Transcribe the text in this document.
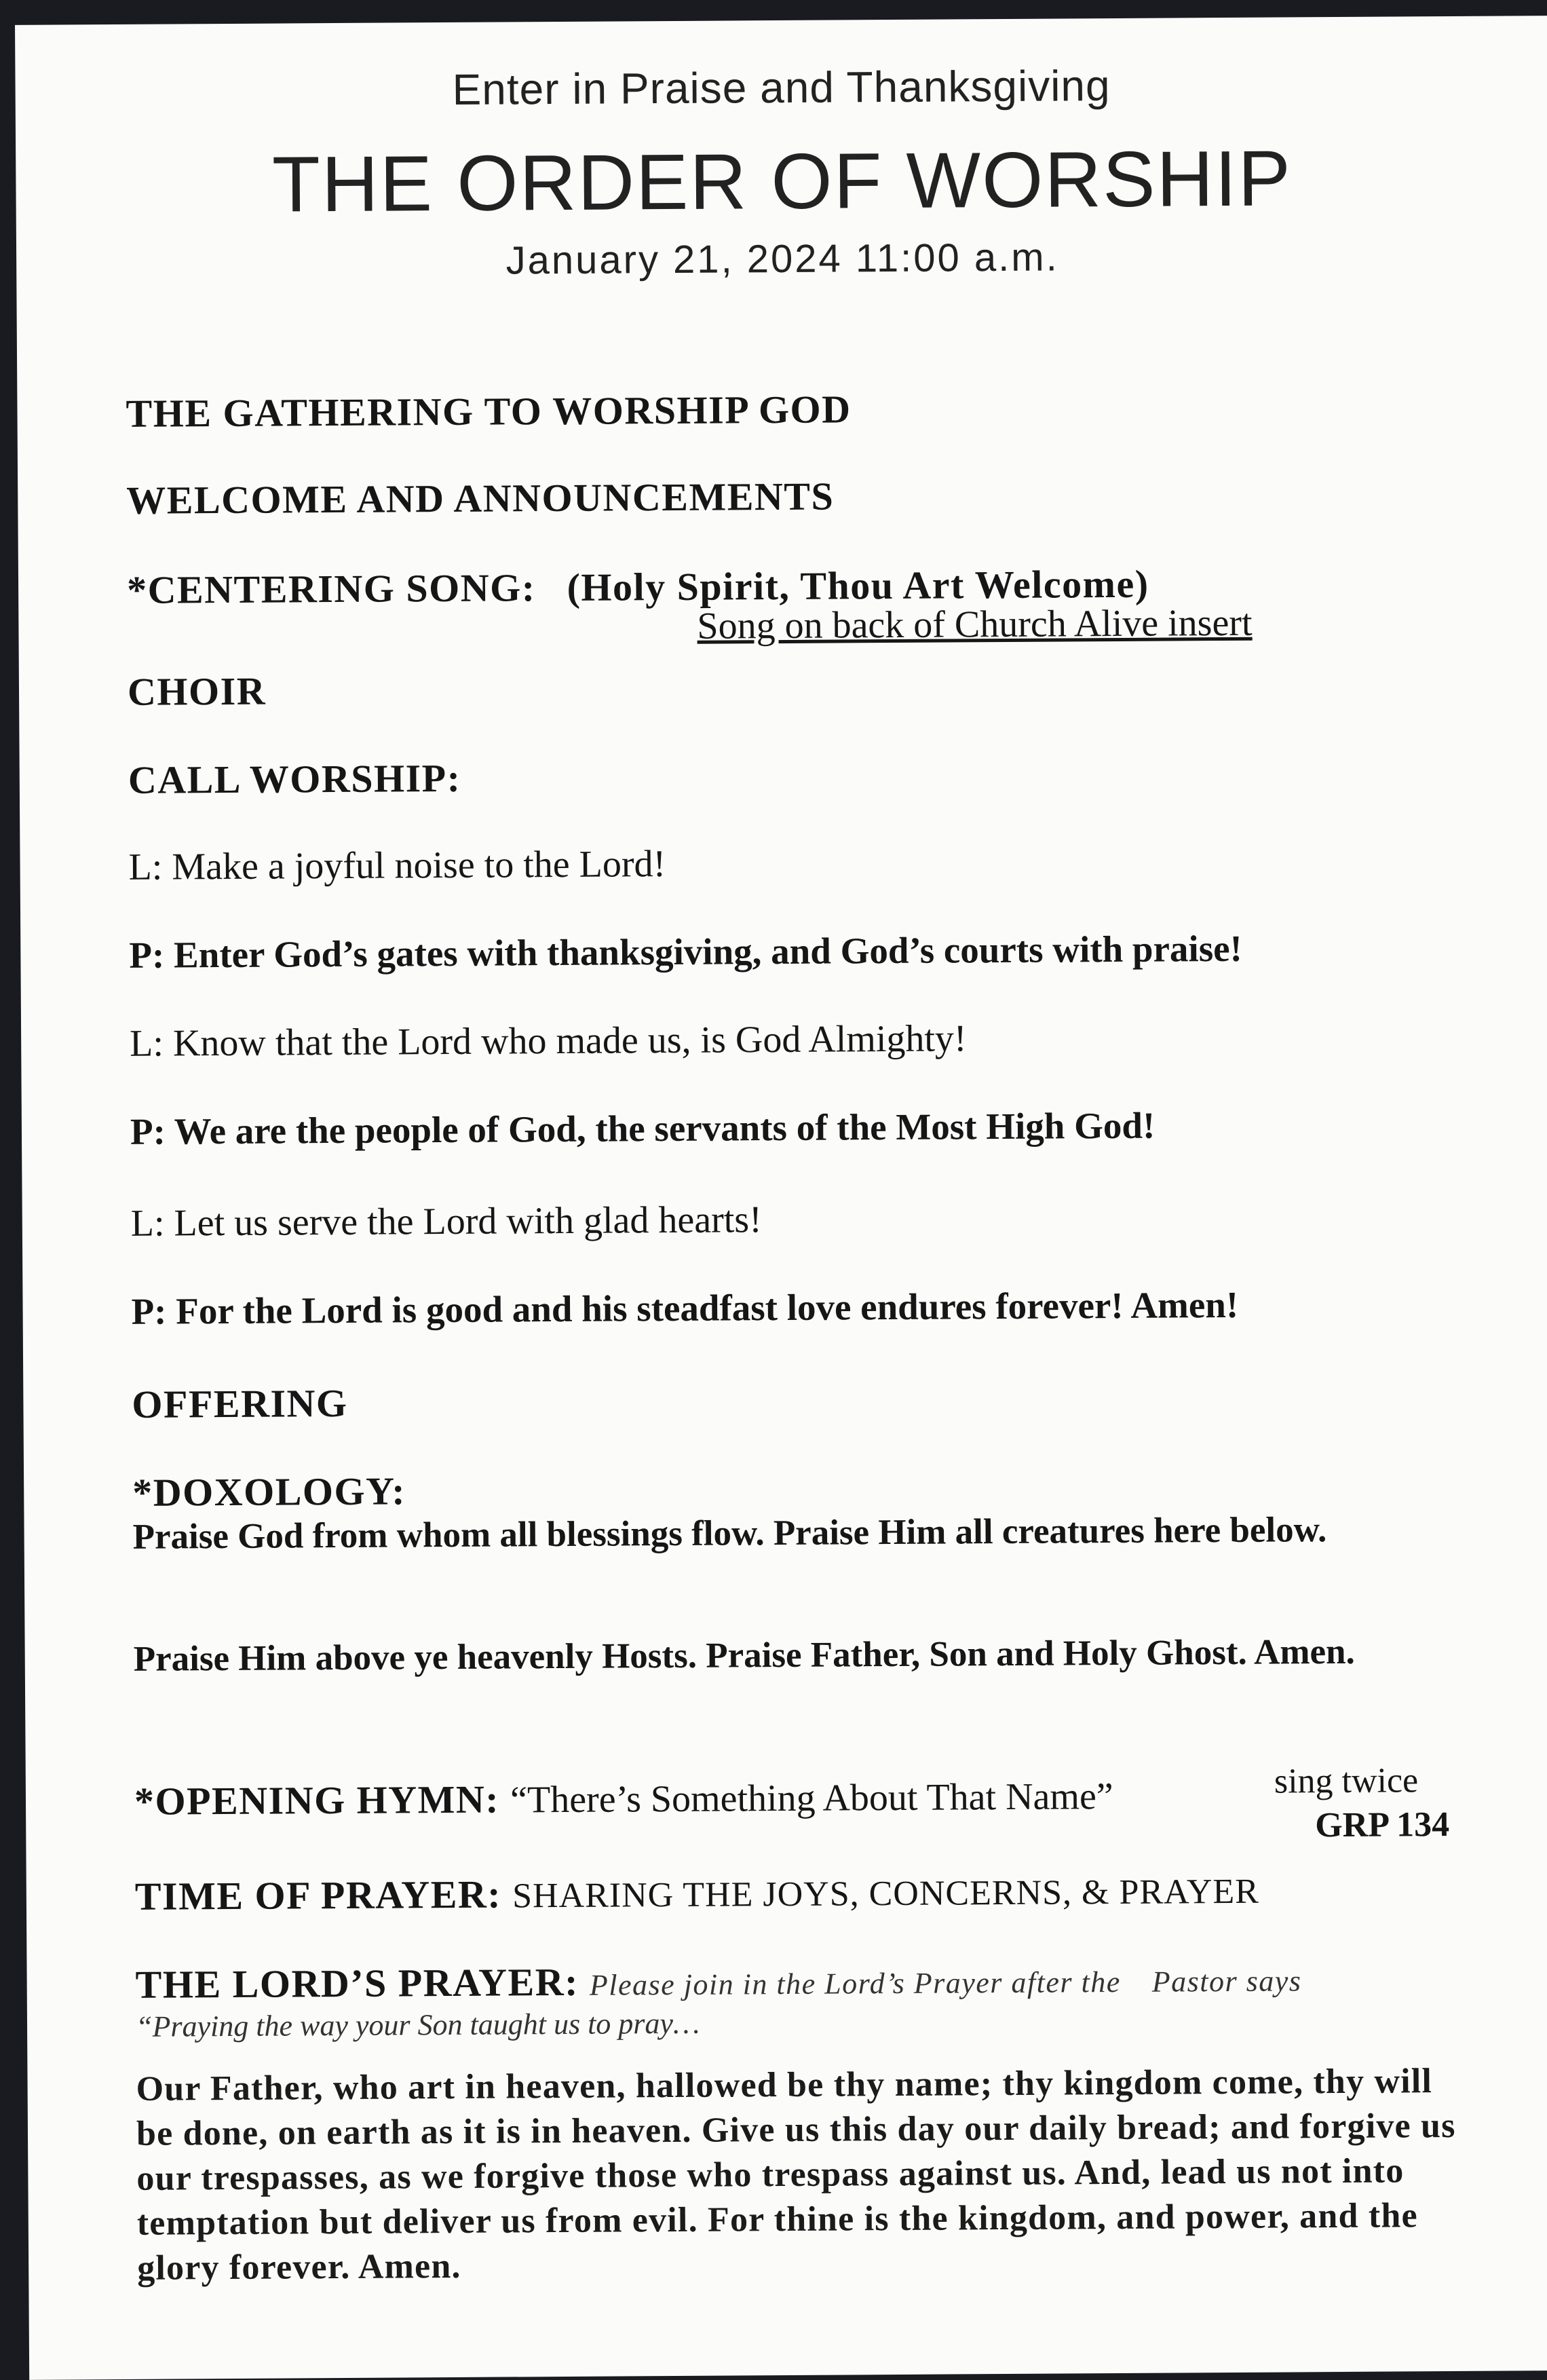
Enter in Praise and Thanksgiving
THE ORDER OF WORSHIP
January 21, 2024 11:00 a.m.
THE GATHERING TO WORSHIP GOD
WELCOME AND ANNOUNCEMENTS
*CENTERING SONG: (Holy Spirit, Thou Art Welcome)
Song on back of Church Alive insert
CHOIR
CALL WORSHIP:
L: Make a joyful noise to the Lord!
P: Enter God’s gates with thanksgiving, and God’s courts with praise!
L: Know that the Lord who made us, is God Almighty!
P: We are the people of God, the servants of the Most High God!
L: Let us serve the Lord with glad hearts!
P: For the Lord is good and his steadfast love endures forever! Amen!
OFFERING
*DOXOLOGY:
Praise God from whom all blessings flow. Praise Him all creatures here below.
Praise Him above ye heavenly Hosts. Praise Father, Son and Holy Ghost. Amen.
*OPENING HYMN: “There’s Something About That Name”	sing twice
GRP 134
TIME OF PRAYER: SHARING THE JOYS, CONCERNS, & PRAYER
THE LORD’S PRAYER: Please join in the Lord’s Prayer after the Pastor says
“Praying the way your Son taught us to pray…
Our Father, who art in heaven, hallowed be thy name; thy kingdom come, thy will be done, on earth as it is in heaven. Give us this day our daily bread; and forgive us our trespasses, as we forgive those who trespass against us. And, lead us not into temptation but deliver us from evil. For thine is the kingdom, and power, and the glory forever. Amen.
